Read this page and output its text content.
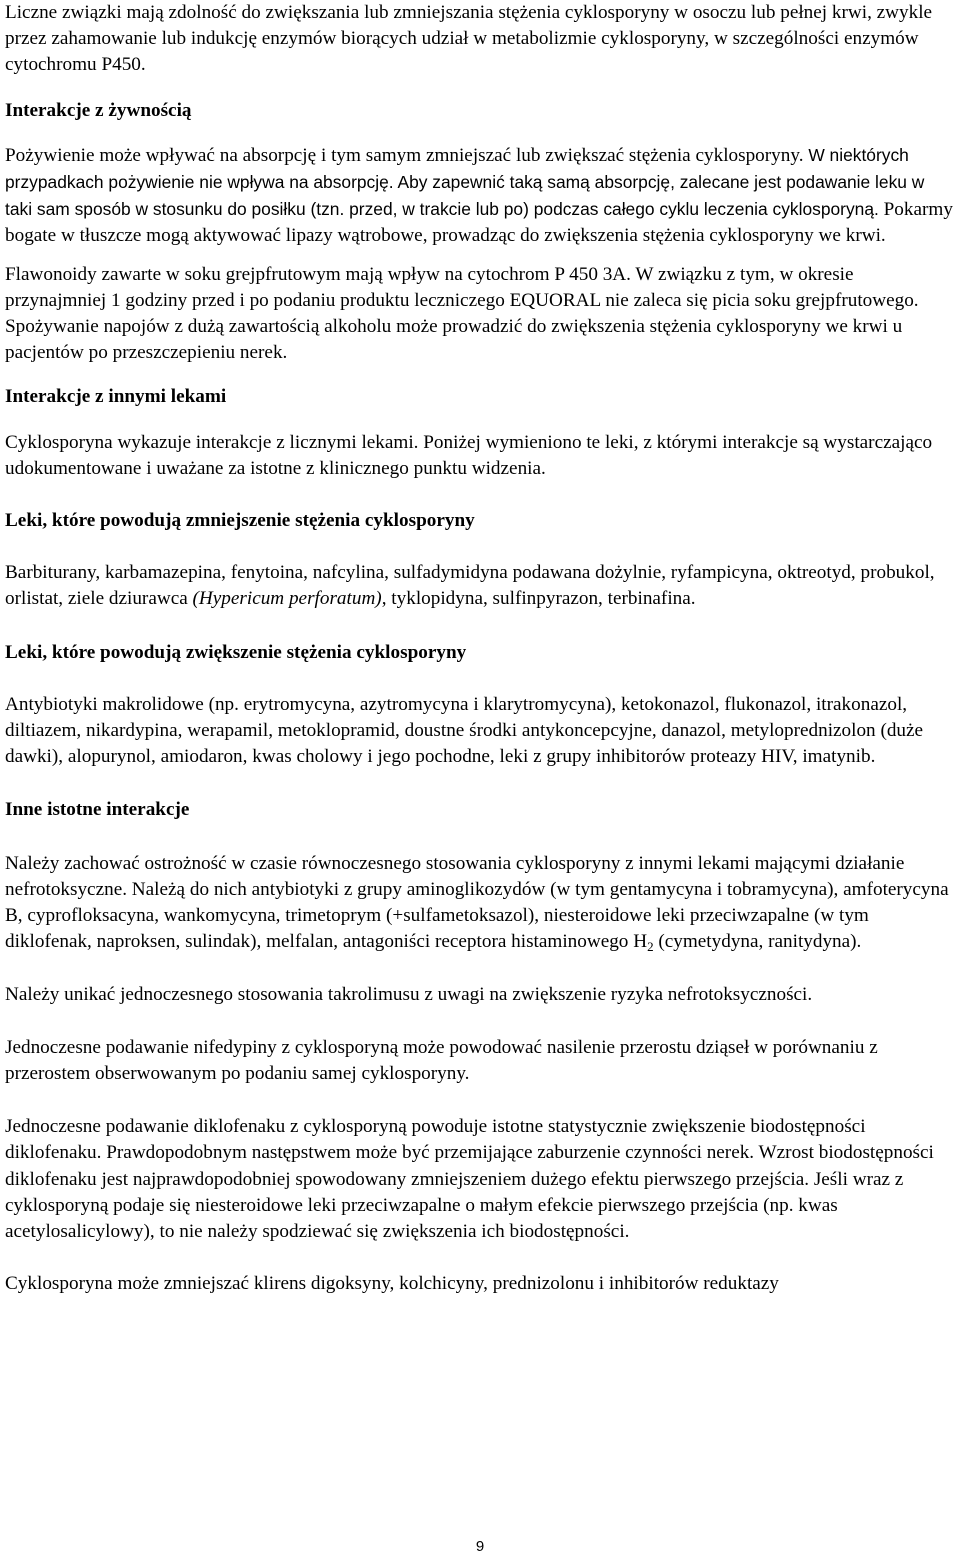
Liczne związki mają zdolność do zwiększania lub zmniejszania stężenia cyklosporyny w osoczu lub pełnej krwi, zwykle przez zahamowanie lub indukcję enzymów biorących udział w metabolizmie cyklosporyny, w szczególności enzymów cytochromu P450.

Interakcje z żywnością

Pożywienie może wpływać na absorpcję i tym samym zmniejszać lub zwiększać stężenia cyklosporyny. W niektórych przypadkach pożywienie nie wpływa na absorpcję. Aby zapewnić taką samą absorpcję, zalecane jest podawanie leku w taki sam sposób w stosunku do posiłku (tzn. przed, w trakcie lub po) podczas całego cyklu leczenia cyklosporyną. Pokarmy bogate w tłuszcze mogą aktywować lipazy wątrobowe, prowadząc do zwiększenia stężenia cyklosporyny we krwi.

Flawonoidy zawarte w soku grejpfrutowym mają wpływ na cytochrom P 450 3A. W związku z tym, w okresie przynajmniej 1 godziny przed i po podaniu produktu leczniczego EQUORAL nie zaleca się picia soku grejpfrutowego. Spożywanie napojów z dużą zawartością alkoholu może prowadzić do zwiększenia stężenia cyklosporyny we krwi u pacjentów po przeszczepieniu nerek.

Interakcje z innymi lekami

Cyklosporyna wykazuje interakcje z licznymi lekami. Poniżej wymieniono te leki, z którymi interakcje są wystarczająco udokumentowane i uważane za istotne z klinicznego punktu widzenia.

Leki, które powodują zmniejszenie stężenia cyklosporyny

Barbiturany, karbamazepina, fenytoina, nafcylina, sulfadymidyna podawana dożylnie, ryfampicyna, oktreotyd, probukol, orlistat, ziele dziurawca (Hypericum perforatum), tyklopidyna, sulfinpyrazon, terbinafina.

Leki, które powodują zwiększenie stężenia cyklosporyny

Antybiotyki makrolidowe (np. erytromycyna, azytromycyna i klarytromycyna), ketokonazol, flukonazol, itrakonazol, diltiazem, nikardypina, werapamil, metoklopramid, doustne środki antykoncepcyjne, danazol, metyloprednizolon (duże dawki), alopurynol, amiodaron, kwas cholowy i jego pochodne, leki z grupy inhibitorów proteazy HIV, imatynib.

Inne istotne interakcje

Należy zachować ostrożność w czasie równoczesnego stosowania cyklosporyny z innymi lekami mającymi działanie nefrotoksyczne. Należą do nich antybiotyki z grupy aminoglikozydów (w tym gentamycyna i tobramycyna), amfoterycyna B, cyprofloksacyna, wankomycyna, trimetoprym (+sulfametoksazol), niesteroidowe leki przeciwzapalne (w tym diklofenak, naproksen, sulindak), melfalan, antagoniści receptora histaminowego $H_2$ (cymetydyna, ranitydyna).

Należy unikać jednoczesnego stosowania takrolimusu z uwagi na zwiększenie ryzyka nefrotoksyczności.

Jednoczesne podawanie nifedypiny z cyklosporyną może powodować nasilenie przerostu dziąseł w porównaniu z przerostem obserwowanym po podaniu samej cyklosporyny.

Jednoczesne podawanie diklofenaku z cyklosporyną powoduje istotne statystycznie zwiększenie biodostępności diklofenaku. Prawdopodobnym następstwem może być przemijające zaburzenie czynności nerek. Wzrost biodostępności diklofenaku jest najprawdopodobniej spowodowany zmniejszeniem dużego efektu pierwszego przejścia. Jeśli wraz z cyklosporyną podaje się niesteroidowe leki przeciwzapalne o małym efekcie pierwszego przejścia (np. kwas acetylosalicylowy), to nie należy spodziewać się zwiększenia ich biodostępności.

Cyklosporyna może zmniejszać klirens digoksyny, kolchicyny, prednizolonu i inhibitorów reduktazy

9
